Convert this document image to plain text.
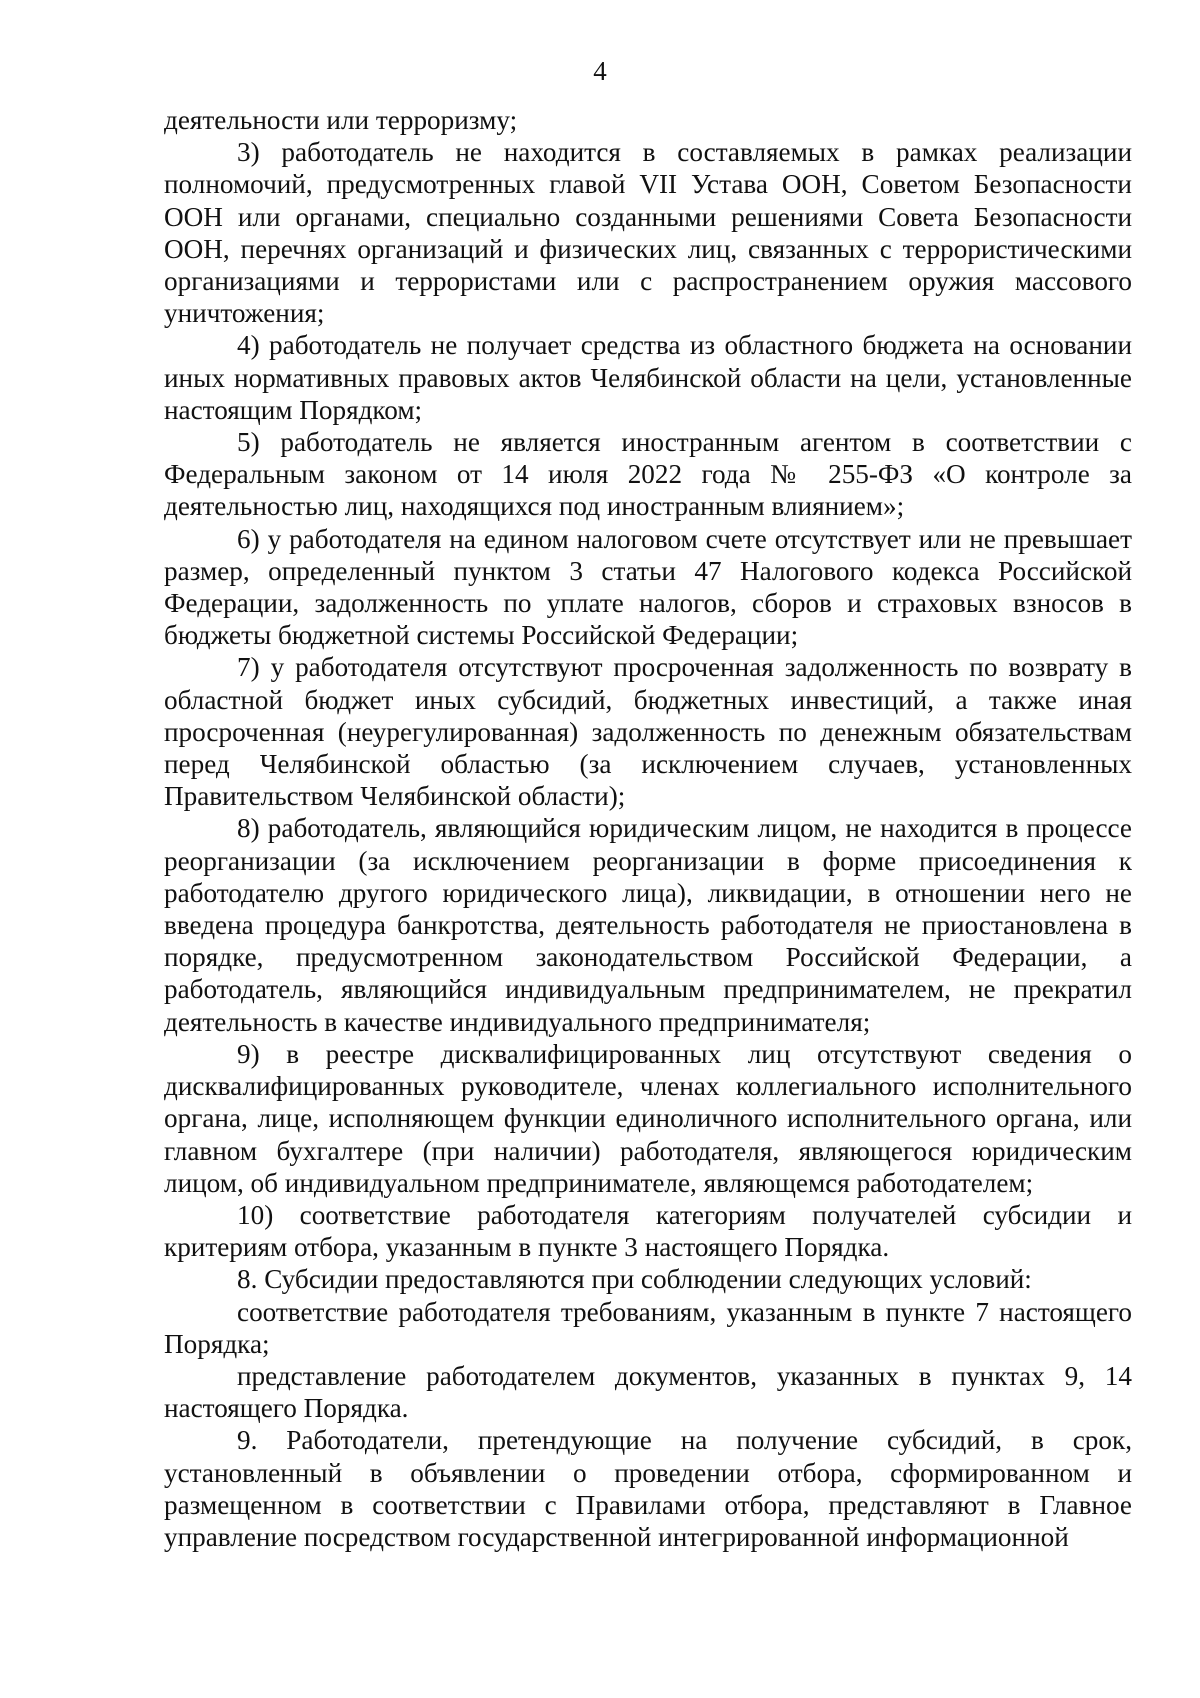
4

деятельности или терроризму;

3) работодатель не находится в составляемых в рамках реализации полномочий, предусмотренных главой VII Устава ООН, Советом Безопасности ООН или органами, специально созданными решениями Совета Безопасности ООН, перечнях организаций и физических лиц, связанных с террористическими организациями и террористами или с распространением оружия массового уничтожения;

4) работодатель не получает средства из областного бюджета на основании иных нормативных правовых актов Челябинской области на цели, установленные настоящим Порядком;

5) работодатель не является иностранным агентом в соответствии с Федеральным законом от 14 июля 2022 года № 255-ФЗ «О контроле за деятельностью лиц, находящихся под иностранным влиянием»;

6) у работодателя на едином налоговом счете отсутствует или не превышает размер, определенный пунктом 3 статьи 47 Налогового кодекса Российской Федерации, задолженность по уплате налогов, сборов и страховых взносов в бюджеты бюджетной системы Российской Федерации;

7) у работодателя отсутствуют просроченная задолженность по возврату в областной бюджет иных субсидий, бюджетных инвестиций, а также иная просроченная (неурегулированная) задолженность по денежным обязательствам перед Челябинской областью (за исключением случаев, установленных Правительством Челябинской области);

8) работодатель, являющийся юридическим лицом, не находится в процессе реорганизации (за исключением реорганизации в форме присоединения к работодателю другого юридического лица), ликвидации, в отношении него не введена процедура банкротства, деятельность работодателя не приостановлена в порядке, предусмотренном законодательством Российской Федерации, а работодатель, являющийся индивидуальным предпринимателем, не прекратил деятельность в качестве индивидуального предпринимателя;

9) в реестре дисквалифицированных лиц отсутствуют сведения о дисквалифицированных руководителе, членах коллегиального исполнительного органа, лице, исполняющем функции единоличного исполнительного органа, или главном бухгалтере (при наличии) работодателя, являющегося юридическим лицом, об индивидуальном предпринимателе, являющемся работодателем;

10) соответствие работодателя категориям получателей субсидии и критериям отбора, указанным в пункте 3 настоящего Порядка.

8. Субсидии предоставляются при соблюдении следующих условий:

соответствие работодателя требованиям, указанным в пункте 7 настоящего Порядка;

представление работодателем документов, указанных в пунктах 9, 14 настоящего Порядка.

9. Работодатели, претендующие на получение субсидий, в срок, установленный в объявлении о проведении отбора, сформированном и размещенном в соответствии с Правилами отбора, представляют в Главное управление посредством государственной интегрированной информационной
